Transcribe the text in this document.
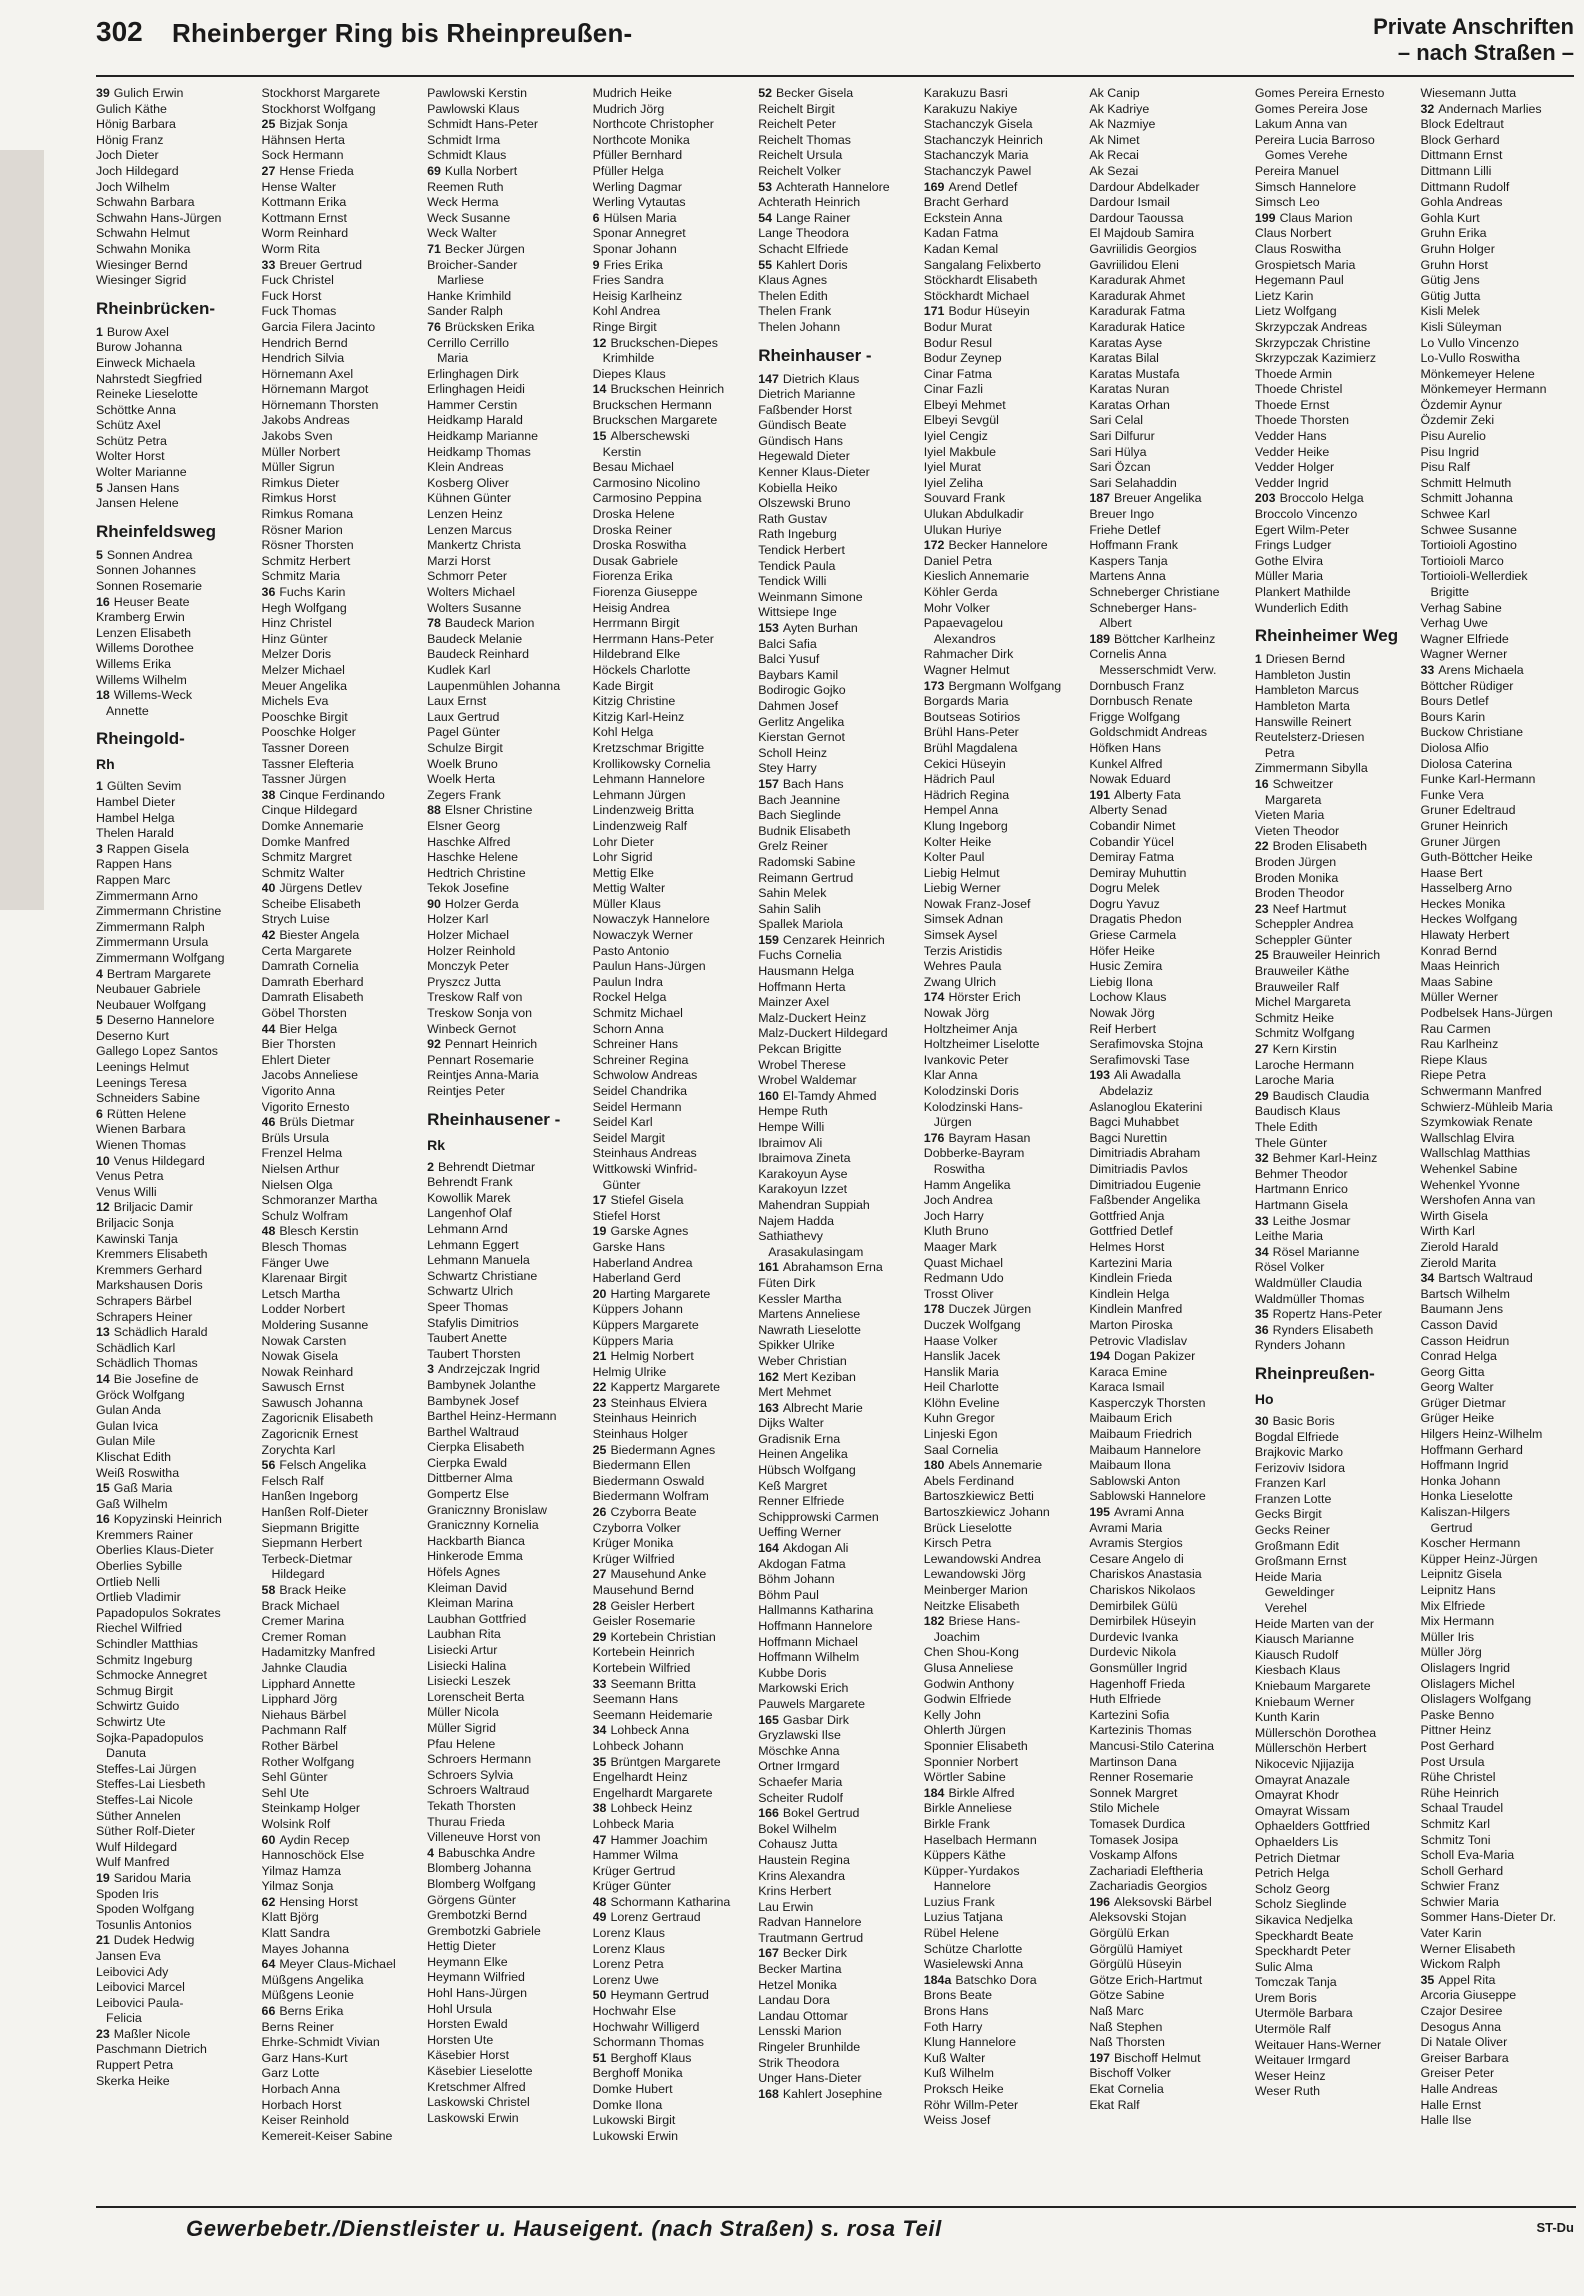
302 Rheinberger Ring bis Rheinpreußen-	Private Anschriften
– nach Straßen –
39 Gulich Erwin
Gulich Käthe
Hönig Barbara
Hönig Franz
Joch Dieter
Joch Hildegard
Joch Wilhelm
Schwahn Barbara
Schwahn Hans-Jürgen
Schwahn Helmut
Schwahn Monika
Wiesinger Bernd
Wiesinger Sigrid
Rheinbrücken-
1 Burow Axel
Burow Johanna
Einweck Michaela
Nahrstedt Siegfried
Reineke Lieselotte
Schöttke Anna
Schütz Axel
Schütz Petra
Wolter Horst
Wolter Marianne
5 Jansen Hans
Jansen Helene
Rheinfeldsweg
5 Sonnen Andrea
Sonnen Johannes
Sonnen Rosemarie
16 Heuser Beate
Kramberg Erwin
Lenzen Elisabeth
Willems Dorothee
Willems Erika
Willems Wilhelm
18 Willems-Weck
Annette
Rheingold-
Rh
1 Gülten Sevim
Hambel Dieter
Hambel Helga
Thelen Harald
3 Rappen Gisela
Rappen Hans
Rappen Marc
Zimmermann Arno
Zimmermann Christine
Zimmermann Ralph
Zimmermann Ursula
Zimmermann Wolfgang
4 Bertram Margarete
Neubauer Gabriele
Neubauer Wolfgang
5 Deserno Hannelore
Deserno Kurt
Gallego Lopez Santos
Leenings Helmut
Leenings Teresa
Schneiders Sabine
6 Rütten Helene
Wienen Barbara
Wienen Thomas
10 Venus Hildegard
Venus Petra
Venus Willi
12 Briljacic Damir
Briljacic Sonja
Kawinski Tanja
Kremmers Elisabeth
Kremmers Gerhard
Markshausen Doris
Schrapers Bärbel
Schrapers Heiner
13 Schädlich Harald
Schädlich Karl
Schädlich Thomas
14 Bie Josefine de
Gröck Wolfgang
Gulan Anda
Gulan Ivica
Gulan Mile
Klischat Edith
Weiß Roswitha
15 Gaß Maria
Gaß Wilhelm
16 Kopyzinski Heinrich
Kremmers Rainer
Oberlies Klaus-Dieter
Oberlies Sybille
Ortlieb Nelli
Ortlieb Vladimir
Papadopulos Sokrates
Riechel Wilfried
Schindler Matthias
Schmitz Ingeburg
Schmocke Annegret
Schmug Birgit
Schwirtz Guido
Schwirtz Ute
Sojka-Papadopulos
Danuta
Steffes-Lai Jürgen
Steffes-Lai Liesbeth
Steffes-Lai Nicole
Süther Annelen
Süther Rolf-Dieter
Wulf Hildegard
Wulf Manfred
19 Saridou Maria
Spoden Iris
Spoden Wolfgang
Tosunlis Antonios
21 Dudek Hedwig
Jansen Eva
Leibovici Ady
Leibovici Marcel
Leibovici Paula-
Felicia
23 Maßler Nicole
Paschmann Dietrich
Ruppert Petra
Skerka Heike
Stockhorst Margarete
Stockhorst Wolfgang
25 Bizjak Sonja
Hähnsen Herta
Sock Hermann
27 Hense Frieda
Hense Walter
Kottmann Erika
Kottmann Ernst
Worm Reinhard
Worm Rita
33 Breuer Gertrud
Fuck Christel
Fuck Horst
Fuck Thomas
Garcia Filera Jacinto
Hendrich Bernd
Hendrich Silvia
Hörnemann Axel
Hörnemann Margot
Hörnemann Thorsten
Jakobs Andreas
Jakobs Sven
Müller Norbert
Müller Sigrun
Rimkus Dieter
Rimkus Horst
Rimkus Romana
Rösner Marion
Rösner Thorsten
Schmitz Herbert
Schmitz Maria
36 Fuchs Karin
Hegh Wolfgang
Hinz Christel
Hinz Günter
Melzer Doris
Melzer Michael
Meuer Angelika
Michels Eva
Pooschke Birgit
Pooschke Holger
Tassner Doreen
Tassner Elefteria
Tassner Jürgen
38 Cinque Ferdinando
Cinque Hildegard
Domke Annemarie
Domke Manfred
Schmitz Margret
Schmitz Walter
40 Jürgens Detlev
Scheibe Elisabeth
Strych Luise
42 Biester Angela
Certa Margarete
Damrath Cornelia
Damrath Eberhard
Damrath Elisabeth
Göbel Thorsten
44 Bier Helga
Bier Thorsten
Ehlert Dieter
Jacobs Anneliese
Vigorito Anna
Vigorito Ernesto
46 Brüls Dietmar
Brüls Ursula
Frenzel Helma
Nielsen Arthur
Nielsen Olga
Schmoranzer Martha
Schulz Wolfram
48 Blesch Kerstin
Blesch Thomas
Fänger Uwe
Klarenaar Birgit
Letsch Martha
Lodder Norbert
Moldering Susanne
Nowak Carsten
Nowak Gisela
Nowak Reinhard
Sawusch Ernst
Sawusch Johanna
Zagoricnik Elisabeth
Zagoricnik Ernest
Zorychta Karl
56 Felsch Angelika
Felsch Ralf
Hanßen Ingeborg
Hanßen Rolf-Dieter
Siepmann Brigitte
Siepmann Herbert
Terbeck-Dietmar
Hildegard
58 Brack Heike
Brack Michael
Cremer Marina
Cremer Roman
Hadamitzky Manfred
Jahnke Claudia
Lipphard Annette
Lipphard Jörg
Niehaus Bärbel
Pachmann Ralf
Rother Bärbel
Rother Wolfgang
Sehl Günter
Sehl Ute
Steinkamp Holger
Wolsink Rolf
60 Aydin Recep
Hannoschöck Else
Yilmaz Hamza
Yilmaz Sonja
62 Hensing Horst
Klatt Björg
Klatt Sandra
Mayes Johanna
64 Meyer Claus-Michael
Müßgens Angelika
Müßgens Leonie
66 Berns Erika
Berns Reiner
Ehrke-Schmidt Vivian
Garz Hans-Kurt
Garz Lotte
Horbach Anna
Horbach Horst
Keiser Reinhold
Kemereit-Keiser Sabine
Pawlowski Kerstin
Pawlowski Klaus
Schmidt Hans-Peter
Schmidt Irma
Schmidt Klaus
69 Kulla Norbert
Reemen Ruth
Weck Herma
Weck Susanne
Weck Walter
71 Becker Jürgen
Broicher-Sander
Marliese
Hanke Krimhild
Sander Ralph
76 Brücksken Erika
Cerrillo Cerrillo
Maria
Erlinghagen Dirk
Erlinghagen Heidi
Hammer Cerstin
Heidkamp Harald
Heidkamp Marianne
Heidkamp Thomas
Klein Andreas
Kosberg Oliver
Kühnen Günter
Lenzen Heinz
Lenzen Marcus
Mankertz Christa
Marzi Horst
Schmorr Peter
Wolters Michael
Wolters Susanne
78 Baudeck Marion
Baudeck Melanie
Baudeck Reinhard
Kudlek Karl
Laupenmühlen Johanna
Laux Ernst
Laux Gertrud
Pagel Günter
Schulze Birgit
Woelk Bruno
Woelk Herta
Zegers Frank
88 Elsner Christine
Elsner Georg
Haschke Alfred
Haschke Helene
Hedtrich Christine
Tekok Josefine
90 Holzer Gerda
Holzer Karl
Holzer Michael
Holzer Reinhold
Monczyk Peter
Pryszcz Jutta
Treskow Ralf von
Treskow Sonja von
Winbeck Gernot
92 Pennart Heinrich
Pennart Rosemarie
Reintjes Anna-Maria
Reintjes Peter
Rheinhausener -
Rk
2 Behrendt Dietmar
Behrendt Frank
Kowollik Marek
Langenhof Olaf
Lehmann Arnd
Lehmann Eggert
Lehmann Manuela
Schwartz Christiane
Schwartz Ulrich
Speer Thomas
Stafylis Dimitrios
Taubert Anette
Taubert Thorsten
3 Andrzejczak Ingrid
Bambynek Jolanthe
Bambynek Josef
Barthel Heinz-Hermann
Barthel Waltraud
Cierpka Elisabeth
Cierpka Ewald
Dittberner Alma
Gompertz Else
Granicznny Bronislaw
Granicznny Kornelia
Hackbarth Bianca
Hinkerode Emma
Höfels Agnes
Kleiman David
Kleiman Marina
Laubhan Gottfried
Laubhan Rita
Lisiecki Artur
Lisiecki Halina
Lisiecki Leszek
Lorenscheit Berta
Müller Nicola
Müller Sigrid
Pfau Helene
Schroers Hermann
Schroers Sylvia
Schroers Waltraud
Tekath Thorsten
Thurau Frieda
Villeneuve Horst von
4 Babuschka Andre
Blomberg Johanna
Blomberg Wolfgang
Görgens Günter
Grembotzki Bernd
Grembotzki Gabriele
Hettig Dieter
Heymann Elke
Heymann Wilfried
Hohl Hans-Jürgen
Hohl Ursula
Horsten Ewald
Horsten Ute
Käsebier Horst
Käsebier Lieselotte
Kretschmer Alfred
Laskowski Christel
Laskowski Erwin
Mudrich Heike
Mudrich Jörg
Northcote Christopher
Northcote Monika
Pfüller Bernhard
Pfüller Helga
Werling Dagmar
Werling Vytautas
6 Hülsen Maria
Sponar Annegret
Sponar Johann
9 Fries Erika
Fries Sandra
Heisig Karlheinz
Kohl Andrea
Ringe Birgit
12 Bruckschen-Diepes
Krimhilde
Diepes Klaus
14 Bruckschen Heinrich
Bruckschen Hermann
Bruckschen Margarete
15 Alberschewski
Kerstin
Besau Michael
Carmosino Nicolino
Carmosino Peppina
Droska Helene
Droska Reiner
Droska Roswitha
Dusak Gabriele
Fiorenza Erika
Fiorenza Giuseppe
Heisig Andrea
Herrmann Birgit
Herrmann Hans-Peter
Hildebrand Elke
Höckels Charlotte
Kade Birgit
Kitzig Christine
Kitzig Karl-Heinz
Kohl Helga
Kretzschmar Brigitte
Krollikowsky Cornelia
Lehmann Hannelore
Lehmann Jürgen
Lindenzweig Britta
Lindenzweig Ralf
Lohr Dieter
Lohr Sigrid
Mettig Elke
Mettig Walter
Müller Klaus
Nowaczyk Hannelore
Nowaczyk Werner
Pasto Antonio
Paulun Hans-Jürgen
Paulun Indra
Rockel Helga
Schmitz Michael
Schorn Anna
Schreiner Hans
Schreiner Regina
Schwolow Andreas
Seidel Chandrika
Seidel Hermann
Seidel Karl
Seidel Margit
Steinhaus Andreas
Wittkowski Winfrid-
Günter
17 Stiefel Gisela
Stiefel Horst
19 Garske Agnes
Garske Hans
Haberland Andrea
Haberland Gerd
20 Harting Margarete
Küppers Johann
Küppers Margarete
Küppers Maria
21 Helmig Norbert
Helmig Ulrike
22 Kappertz Margarete
23 Steinhaus Elviera
Steinhaus Heinrich
Steinhaus Holger
25 Biedermann Agnes
Biedermann Ellen
Biedermann Oswald
Biedermann Wolfram
26 Czyborra Beate
Czyborra Volker
Krüger Monika
Krüger Wilfried
27 Mausehund Anke
Mausehund Bernd
28 Geisler Herbert
Geisler Rosemarie
29 Kortebein Christian
Kortebein Heinrich
Kortebein Wilfried
33 Seemann Britta
Seemann Hans
Seemann Heidemarie
34 Lohbeck Anna
Lohbeck Johann
35 Brüntgen Margarete
Engelhardt Heinz
Engelhardt Margarete
38 Lohbeck Heinz
Lohbeck Maria
47 Hammer Joachim
Hammer Wilma
Krüger Gertrud
Krüger Günter
48 Schormann Katharina
49 Lorenz Gertraud
Lorenz Klaus
Lorenz Klaus
Lorenz Petra
Lorenz Uwe
50 Heymann Gertrud
Hochwahr Else
Hochwahr Willigerd
Schormann Thomas
51 Berghoff Klaus
Berghoff Monika
Domke Hubert
Domke Ilona
Lukowski Birgit
Lukowski Erwin
52 Becker Gisela
Reichelt Birgit
Reichelt Peter
Reichelt Thomas
Reichelt Ursula
Reichelt Volker
53 Achterath Hannelore
Achterath Heinrich
54 Lange Rainer
Lange Theodora
Schacht Elfriede
55 Kahlert Doris
Klaus Agnes
Thelen Edith
Thelen Frank
Thelen Johann
Rheinhauser -
147 Dietrich Klaus
Dietrich Marianne
Faßbender Horst
Gündisch Beate
Gündisch Hans
Hegewald Dieter
Kenner Klaus-Dieter
Kobiella Heiko
Olszewski Bruno
Rath Gustav
Rath Ingeburg
Tendick Herbert
Tendick Paula
Tendick Willi
Weinmann Simone
Wittsiepe Inge
153 Ayten Burhan
Balci Safia
Balci Yusuf
Baybars Kamil
Bodirogic Gojko
Dahmen Josef
Gerlitz Angelika
Kierstan Gernot
Scholl Heinz
Stey Harry
157 Bach Hans
Bach Jeannine
Bach Sieglinde
Budnik Elisabeth
Grelz Reiner
Radomski Sabine
Reimann Gertrud
Sahin Melek
Sahin Salih
Spallek Mariola
159 Cenzarek Heinrich
Fuchs Cornelia
Hausmann Helga
Hoffmann Herta
Mainzer Axel
Malz-Duckert Heinz
Malz-Duckert Hildegard
Pekcan Brigitte
Wrobel Therese
Wrobel Waldemar
160 El-Tamdy Ahmed
Hempe Ruth
Hempe Willi
Ibraimov Ali
Ibraimova Zineta
Karakoyun Ayse
Karakoyun Izzet
Mahendran Suppiah
Najem Hadda
Sathiathevy
Arasakulasingam
161 Abrahamson Erna
Füten Dirk
Kessler Martha
Martens Anneliese
Nawrath Lieselotte
Spikker Ulrike
Weber Christian
162 Mert Keziban
Mert Mehmet
163 Albrecht Marie
Dijks Walter
Gradisnik Erna
Heinen Angelika
Hübsch Wolfgang
Keß Margret
Renner Elfriede
Schipprowski Carmen
Ueffing Werner
164 Akdogan Ali
Akdogan Fatma
Böhm Johann
Böhm Paul
Hallmanns Katharina
Hoffmann Hannelore
Hoffmann Michael
Hoffmann Wilhelm
Kubbe Doris
Markowski Erich
Pauwels Margarete
165 Gasbar Dirk
Gryzlawski Ilse
Möschke Anna
Ortner Irmgard
Schaefer Maria
Scheiter Rudolf
166 Bokel Gertrud
Bokel Wilhelm
Cohausz Jutta
Haustein Regina
Krins Alexandra
Krins Herbert
Lau Erwin
Radvan Hannelore
Trautmann Gertrud
167 Becker Dirk
Becker Martina
Hetzel Monika
Landau Dora
Landau Ottomar
Lensski Marion
Ringeler Brunhilde
Strik Theodora
Unger Hans-Dieter
168 Kahlert Josephine
Karakuzu Basri
Karakuzu Nakiye
Stachanczyk Gisela
Stachanczyk Heinrich
Stachanczyk Maria
Stachanczyk Pawel
169 Arend Detlef
Bracht Gerhard
Eckstein Anna
Kadan Fatma
Kadan Kemal
Sangalang Felixberto
Stöckhardt Elisabeth
Stöckhardt Michael
171 Bodur Hüseyin
Bodur Murat
Bodur Resul
Bodur Zeynep
Cinar Fatma
Cinar Fazli
Elbeyi Mehmet
Elbeyi Sevgül
Iyiel Cengiz
Iyiel Makbule
Iyiel Murat
Iyiel Zeliha
Souvard Frank
Ulukan Abdulkadir
Ulukan Huriye
172 Becker Hannelore
Daniel Petra
Kieslich Annemarie
Köhler Gerda
Mohr Volker
Papaevagelou
Alexandros
Rahmacher Dirk
Wagner Helmut
173 Bergmann Wolfgang
Borgards Maria
Boutseas Sotirios
Brühl Hans-Peter
Brühl Magdalena
Cekici Hüseyin
Hädrich Paul
Hädrich Regina
Hempel Anna
Klung Ingeborg
Kolter Heike
Kolter Paul
Liebig Helmut
Liebig Werner
Nowak Franz-Josef
Simsek Adnan
Simsek Aysel
Terzis Aristidis
Wehres Paula
Zwang Ulrich
174 Hörster Erich
Nowak Jörg
Holtzheimer Anja
Holtzheimer Liselotte
Ivankovic Peter
Klar Anna
Kolodzinski Doris
Kolodzinski Hans-
Jürgen
176 Bayram Hasan
Dobberke-Bayram
Roswitha
Hamm Angelika
Joch Andrea
Joch Harry
Kluth Bruno
Maager Mark
Quast Michael
Redmann Udo
Trosst Oliver
178 Duczek Jürgen
Duczek Wolfgang
Haase Volker
Hanslik Jacek
Hanslik Maria
Heil Charlotte
Klöhn Eveline
Kuhn Gregor
Linjeski Egon
Saal Cornelia
180 Abels Annemarie
Abels Ferdinand
Bartoszkiewicz Betti
Bartoszkiewicz Johann
Brück Lieselotte
Kirsch Petra
Lewandowski Andrea
Lewandowski Jörg
Meinberger Marion
Neitzke Elisabeth
182 Briese Hans-
Joachim
Chen Shou-Kong
Glusa Anneliese
Godwin Anthony
Godwin Elfriede
Kelly John
Ohlerth Jürgen
Sponnier Elisabeth
Sponnier Norbert
Wörtler Sabine
184 Birkle Alfred
Birkle Anneliese
Birkle Frank
Haselbach Hermann
Küppers Käthe
Küpper-Yurdakos
Hannelore
Luzius Frank
Luzius Tatjana
Rübel Helene
Schütze Charlotte
Wasielewski Anna
184a Batschko Dora
Brons Beate
Brons Hans
Foth Harry
Klung Hannelore
Kuß Walter
Kuß Wilhelm
Proksch Heike
Röhr Willm-Peter
Weiss Josef
Ak Canip
Ak Kadriye
Ak Nazmiye
Ak Nimet
Ak Recai
Ak Sezai
Dardour Abdelkader
Dardour Ismail
Dardour Taoussa
El Majdoub Samira
Gavriilidis Georgios
Gavriilidou Eleni
Karadurak Ahmet
Karadurak Ahmet
Karadurak Fatma
Karadurak Hatice
Karatas Ayse
Karatas Bilal
Karatas Mustafa
Karatas Nuran
Karatas Orhan
Sari Celal
Sari Dilfurur
Sari Hülya
Sari Özcan
Sari Selahaddin
187 Breuer Angelika
Breuer Ingo
Friehe Detlef
Hoffmann Frank
Kaspers Tanja
Martens Anna
Schneberger Christiane
Schneberger Hans-
Albert
189 Böttcher Karlheinz
Cornelis Anna
Messerschmidt Verw.
Dornbusch Franz
Dornbusch Renate
Frigge Wolfgang
Goldschmidt Andreas
Höfken Hans
Kunkel Alfred
Nowak Eduard
191 Alberty Fata
Alberty Senad
Cobandir Nimet
Cobandir Yücel
Demiray Fatma
Demiray Muhuttin
Dogru Melek
Dogru Yavuz
Dragatis Phedon
Griese Carmela
Höfer Heike
Husic Zemira
Liebig Ilona
Lochow Klaus
Nowak Jörg
Reif Herbert
Serafimovska Stojna
Serafimovski Tase
193 Ali Awadalla
Abdelaziz
Aslanoglou Ekaterini
Bagci Muhabbet
Bagci Nurettin
Dimitriadis Abraham
Dimitriadis Pavlos
Dimitriadou Eugenie
Faßbender Angelika
Gottfried Anja
Gottfried Detlef
Helmes Horst
Kartezini Maria
Kindlein Frieda
Kindlein Helga
Kindlein Manfred
Marton Piroska
Petrovic Vladislav
194 Dogan Pakizer
Karaca Emine
Karaca Ismail
Kasperczyk Thorsten
Maibaum Erich
Maibaum Friedrich
Maibaum Hannelore
Maibaum Ilona
Sablowski Anton
Sablowski Hannelore
195 Avrami Anna
Avrami Maria
Avramis Stergios
Cesare Angelo di
Chariskos Anastasia
Chariskos Nikolaos
Demirbilek Gülü
Demirbilek Hüseyin
Durdevic Ivanka
Durdevic Nikola
Gonsmüller Ingrid
Hagenhoff Frieda
Huth Elfriede
Kartezini Sofia
Kartezinis Thomas
Mancusi-Stilo Caterina
Martinson Dana
Renner Rosemarie
Sonnek Margret
Stilo Michele
Tomasek Durdica
Tomasek Josipa
Voskamp Alfons
Zachariadi Eleftheria
Zachariadis Georgios
196 Aleksovski Bärbel
Aleksovski Stojan
Görgülü Erkan
Görgülü Hamiyet
Görgülü Hüseyin
Götze Erich-Hartmut
Götze Sabine
Naß Marc
Naß Stephen
Naß Thorsten
197 Bischoff Helmut
Bischoff Volker
Ekat Cornelia
Ekat Ralf
Gomes Pereira Ernesto
Gomes Pereira Jose
Lakum Anna van
Pereira Lucia Barroso
Gomes Verehe
Pereira Manuel
Simsch Hannelore
Simsch Leo
199 Claus Marion
Claus Norbert
Claus Roswitha
Grospietsch Maria
Hegemann Paul
Lietz Karin
Lietz Wolfgang
Skrzypczak Andreas
Skrzypczak Christine
Skrzypczak Kazimierz
Thoede Armin
Thoede Christel
Thoede Ernst
Thoede Thorsten
Vedder Hans
Vedder Heike
Vedder Holger
Vedder Ingrid
203 Broccolo Helga
Broccolo Vincenzo
Egert Wilm-Peter
Frings Ludger
Gothe Elvira
Müller Maria
Plankert Mathilde
Wunderlich Edith
Rheinheimer Weg
1 Driesen Bernd
Hambleton Justin
Hambleton Marcus
Hambleton Marta
Hanswille Reinert
Reutelsterz-Driesen
Petra
Zimmermann Sibylla
16 Schweitzer
Margareta
Vieten Maria
Vieten Theodor
22 Broden Elisabeth
Broden Jürgen
Broden Monika
Broden Theodor
23 Neef Hartmut
Scheppler Andrea
Scheppler Günter
25 Brauweiler Heinrich
Brauweiler Käthe
Brauweiler Ralf
Michel Margareta
Schmitz Heike
Schmitz Wolfgang
27 Kern Kirstin
Laroche Hermann
Laroche Maria
29 Baudisch Claudia
Baudisch Klaus
Thele Edith
Thele Günter
32 Behmer Karl-Heinz
Behmer Theodor
Hartmann Enrico
Hartmann Gisela
33 Leithe Josmar
Leithe Maria
34 Rösel Marianne
Rösel Volker
Waldmüller Claudia
Waldmüller Thomas
35 Ropertz Hans-Peter
36 Rynders Elisabeth
Rynders Johann
Rheinpreußen-
Ho
30 Basic Boris
Bogdal Elfriede
Brajkovic Marko
Ferizoviv Isidora
Franzen Karl
Franzen Lotte
Gecks Birgit
Gecks Reiner
Großmann Edit
Großmann Ernst
Heide Maria
Geweldinger
Verehel
Heide Marten van der
Kiausch Marianne
Kiausch Rudolf
Kiesbach Klaus
Kniebaum Margarete
Kniebaum Werner
Kunth Karin
Müllerschön Dorothea
Müllerschön Herbert
Nikocevic Njijazija
Omayrat Anazale
Omayrat Khodr
Omayrat Wissam
Ophaelders Gottfried
Ophaelders Lis
Petrich Dietmar
Petrich Helga
Scholz Georg
Scholz Sieglinde
Sikavica Nedjelka
Speckhardt Beate
Speckhardt Peter
Sulic Alma
Tomczak Tanja
Urem Boris
Utermöle Barbara
Utermöle Ralf
Weitauer Hans-Werner
Weitauer Irmgard
Weser Heinz
Weser Ruth
Wiesemann Jutta
32 Andernach Marlies
Block Edeltraut
Block Gerhard
Dittmann Ernst
Dittmann Lilli
Dittmann Rudolf
Gohla Andreas
Gohla Kurt
Gruhn Erika
Gruhn Holger
Gruhn Horst
Gütig Jens
Gütig Jutta
Kisli Melek
Kisli Süleyman
Lo Vullo Vincenzo
Lo-Vullo Roswitha
Mönkemeyer Helene
Mönkemeyer Hermann
Özdemir Aynur
Özdemir Zeki
Pisu Aurelio
Pisu Ingrid
Pisu Ralf
Schmitt Helmuth
Schmitt Johanna
Schwee Karl
Schwee Susanne
Tortioioli Agostino
Tortioioli Marco
Tortioioli-Wellerdiek
Brigitte
Verhag Sabine
Verhag Uwe
Wagner Elfriede
Wagner Werner
33 Arens Michaela
Böttcher Rüdiger
Bours Detlef
Bours Karin
Buckow Christiane
Diolosa Alfio
Diolosa Caterina
Funke Karl-Hermann
Funke Vera
Gruner Edeltraud
Gruner Heinrich
Gruner Jürgen
Guth-Böttcher Heike
Haase Bert
Hasselberg Arno
Heckes Monika
Heckes Wolfgang
Hlawaty Herbert
Konrad Bernd
Maas Heinrich
Maas Sabine
Müller Werner
Podbelsek Hans-Jürgen
Rau Carmen
Rau Karlheinz
Riepe Klaus
Riepe Petra
Schwermann Manfred
Schwierz-Mühleib Maria
Szymkowiak Renate
Wallschlag Elvira
Wallschlag Matthias
Wehenkel Sabine
Wehenkel Yvonne
Wershofen Anna van
Wirth Gisela
Wirth Karl
Zierold Harald
Zierold Marita
34 Bartsch Waltraud
Bartsch Wilhelm
Baumann Jens
Casson David
Casson Heidrun
Conrad Helga
Georg Gitta
Georg Walter
Grüger Dietmar
Grüger Heike
Hilgers Heinz-Wilhelm
Hoffmann Gerhard
Hoffmann Ingrid
Honka Johann
Honka Lieselotte
Kaliszan-Hilgers
Gertrud
Koscher Hermann
Küpper Heinz-Jürgen
Leipnitz Gisela
Leipnitz Hans
Mix Elfriede
Mix Hermann
Müller Iris
Müller Jörg
Olislagers Ingrid
Olislagers Michel
Olislagers Wolfgang
Paske Benno
Pittner Heinz
Post Gerhard
Post Ursula
Rühe Christel
Rühe Heinrich
Schaal Traudel
Schmitz Karl
Schmitz Toni
Scholl Eva-Maria
Scholl Gerhard
Schwier Franz
Schwier Maria
Sommer Hans-Dieter Dr.
Vater Karin
Werner Elisabeth
Wickom Ralph
35 Appel Rita
Arcoria Giuseppe
Czajor Desiree
Desogus Anna
Di Natale Oliver
Greiser Barbara
Greiser Peter
Halle Andreas
Halle Ernst
Halle Ilse
Gewerbebetr./Dienstleister u. Hauseigent. (nach Straßen) s. rosa Teil	ST-Du
